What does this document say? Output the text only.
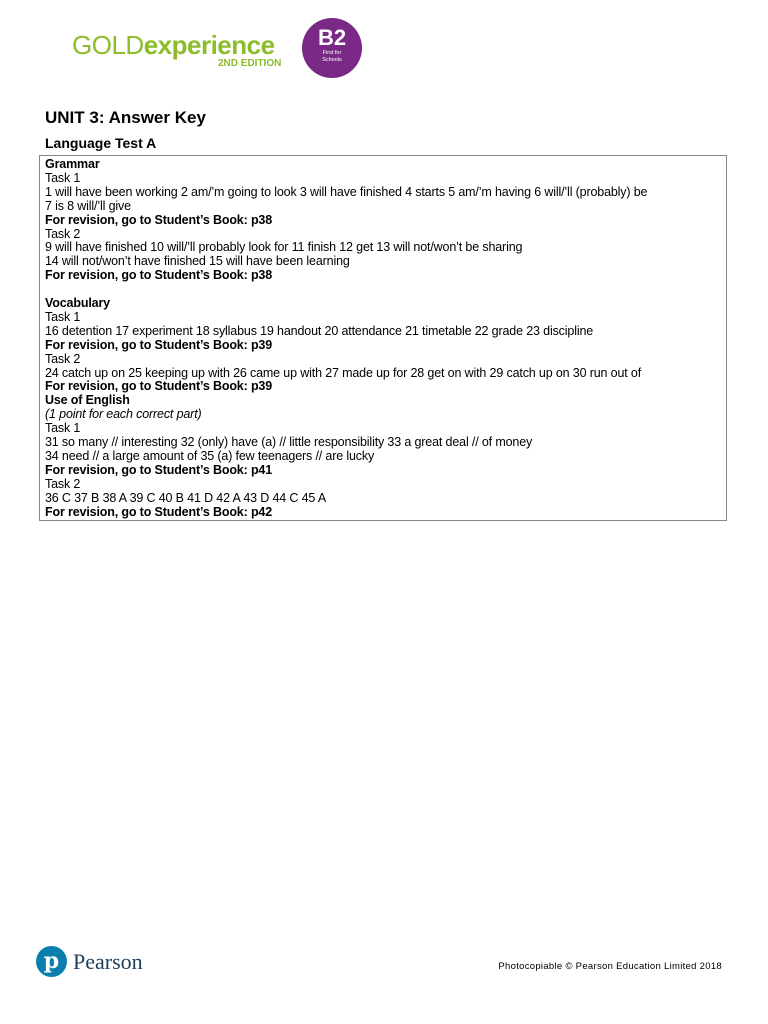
GOLDexperience
2ND EDITION
B2
First for
Schools
UNIT 3: Answer Key
Language Test A
Grammar
Task 1
1 will have been working 2 am/’m going to look 3 will have finished 4 starts 5 am/’m having 6 will/’ll (probably) be
7 is 8 will/’ll give
For revision, go to Student’s Book: p38
Task 2
9 will have finished 10 will/’ll probably look for 11 finish 12 get 13 will not/won’t be sharing
14 will not/won’t have finished 15 will have been learning
For revision, go to Student’s Book: p38
Vocabulary
Task 1
16 detention 17 experiment 18 syllabus 19 handout 20 attendance 21 timetable 22 grade 23 discipline
For revision, go to Student’s Book: p39
Task 2
24 catch up on 25 keeping up with 26 came up with 27 made up for 28 get on with 29 catch up on 30 run out of
For revision, go to Student’s Book: p39
Use of English
(1 point for each correct part)
Task 1
31 so many // interesting 32 (only) have (a) // little responsibility 33 a great deal // of money
34 need // a large amount of 35 (a) few teenagers // are lucky
For revision, go to Student’s Book: p41
Task 2
36 C 37 B 38 A 39 C 40 B 41 D 42 A 43 D 44 C 45 A
For revision, go to Student’s Book: p42
p Pearson	Photocopiable © Pearson Education Limited 2018
